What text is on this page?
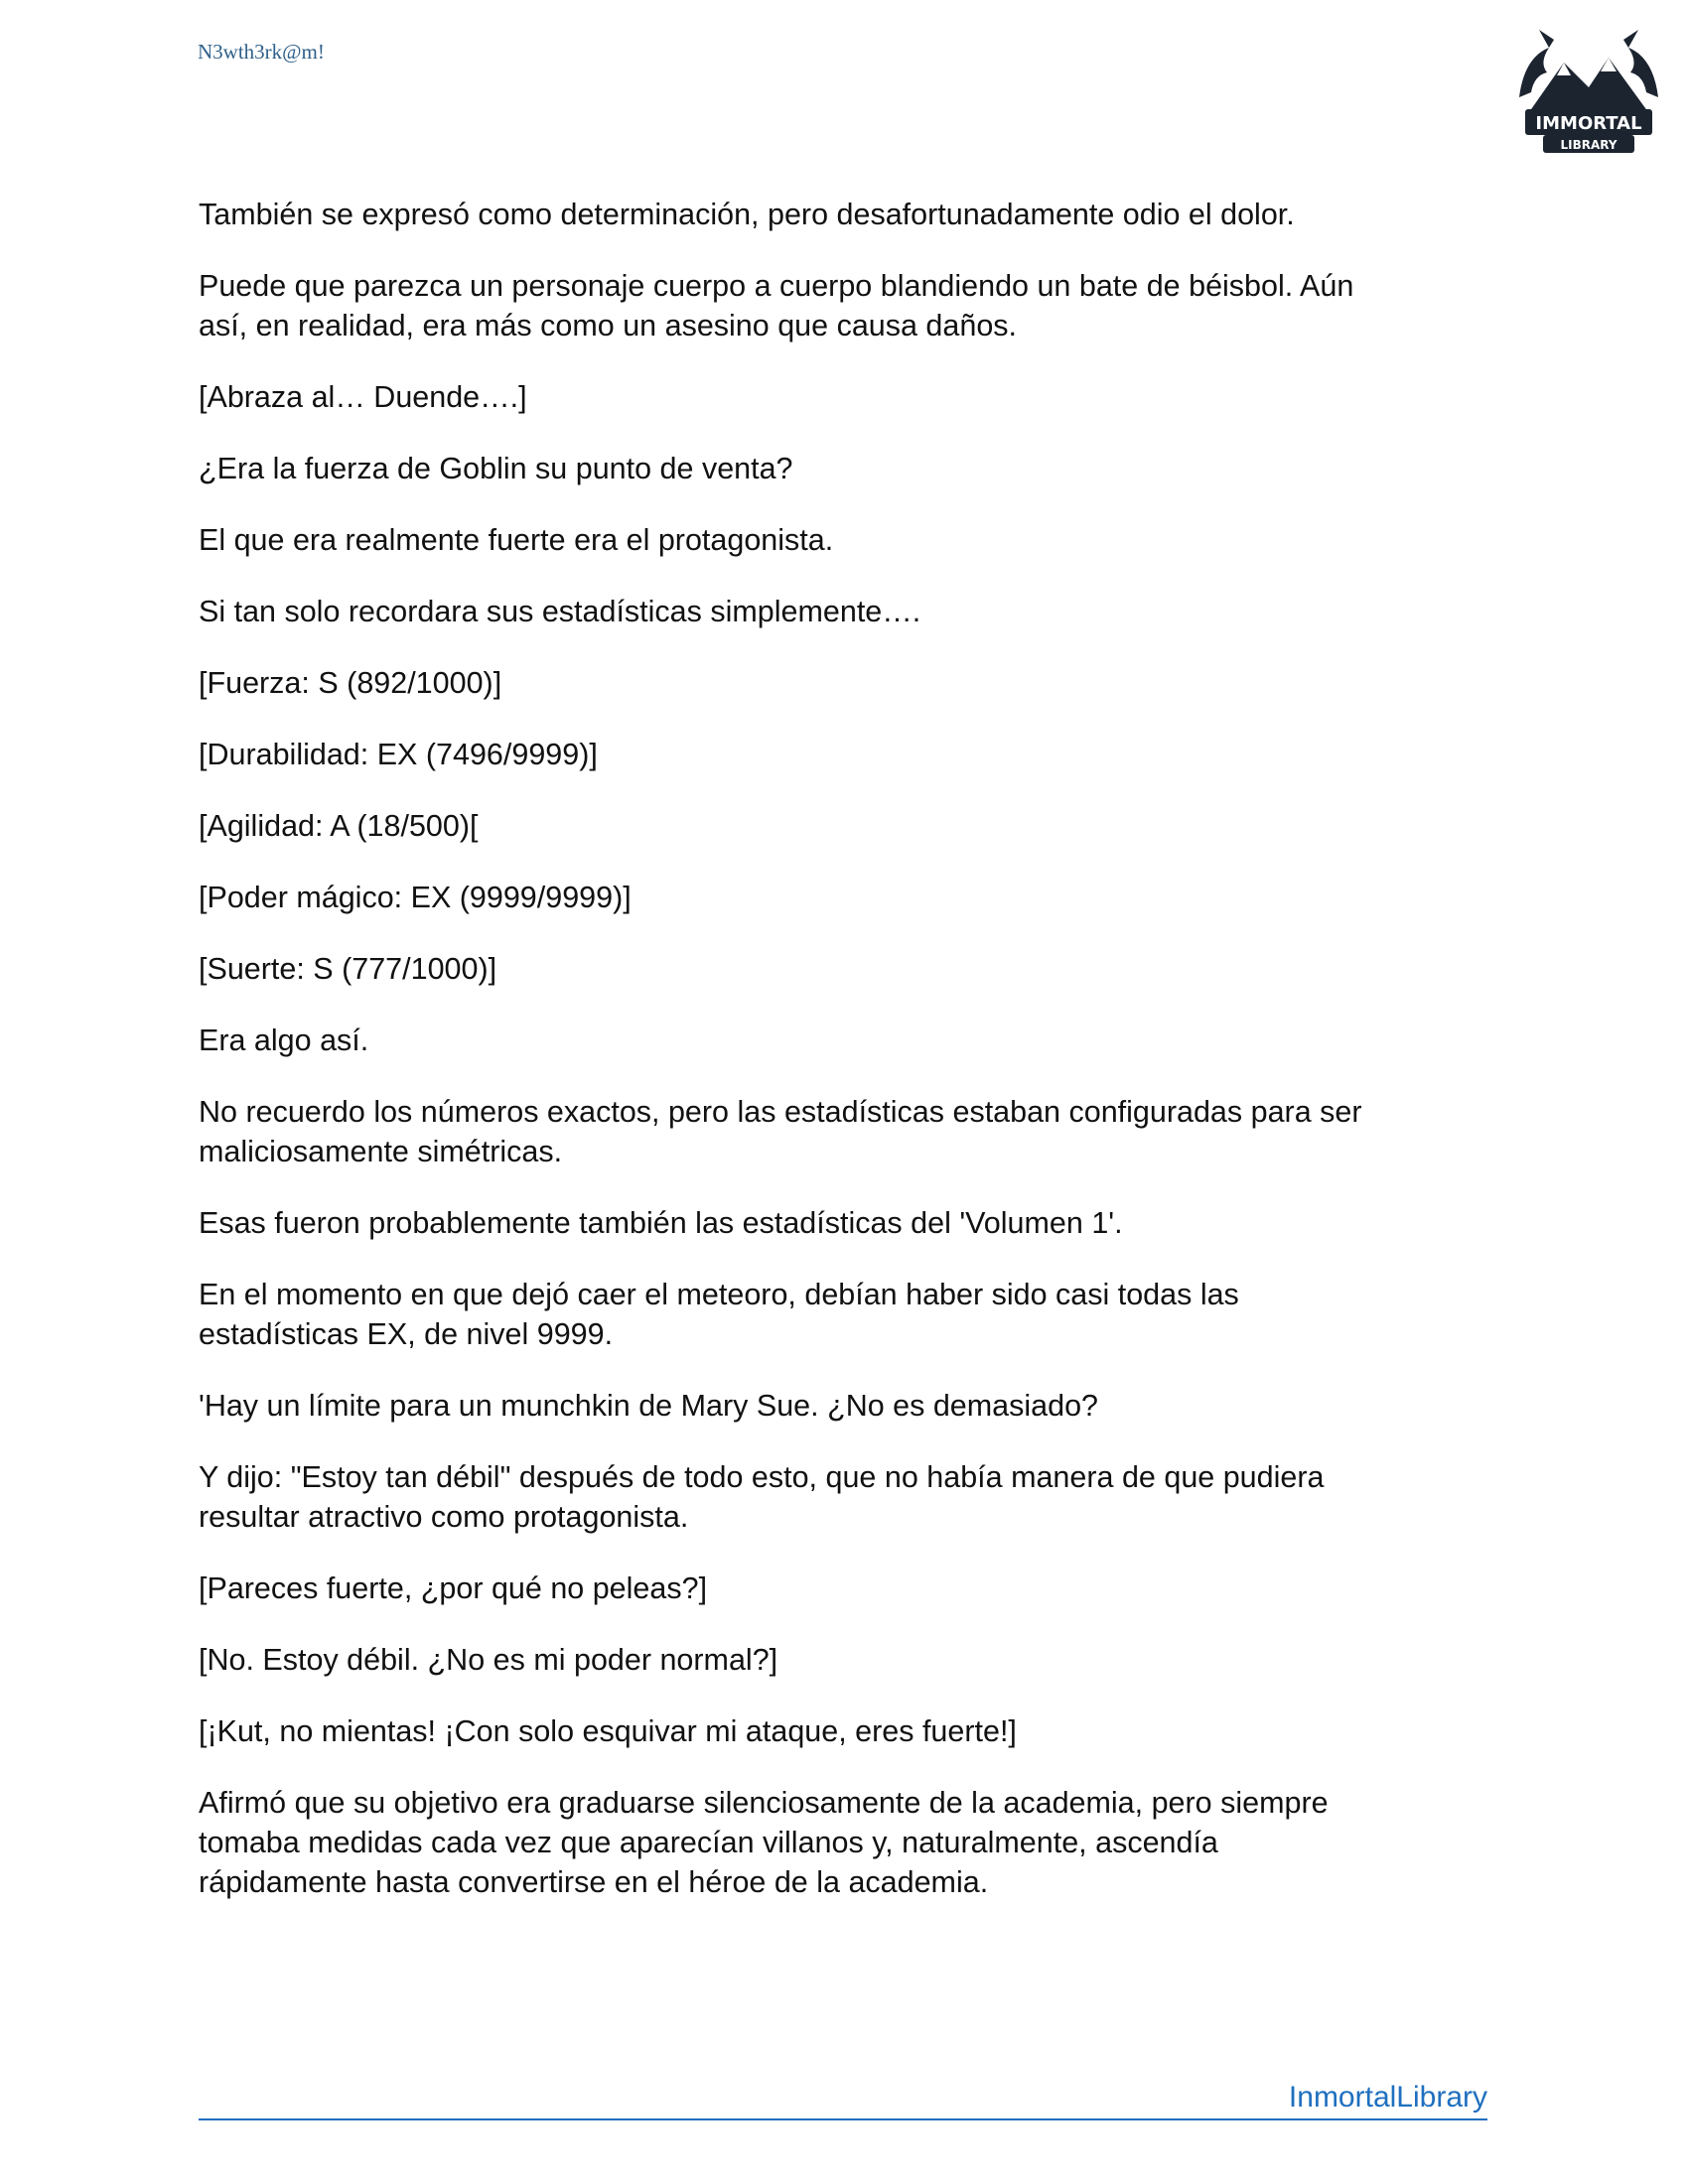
N3wth3rk@m!
IMMORTAL
LIBRARY

También se expresó como determinación, pero desafortunadamente odio el dolor.

Puede que parezca un personaje cuerpo a cuerpo blandiendo un bate de béisbol. Aún
así, en realidad, era más como un asesino que causa daños.

[Abraza al… Duende….]

¿Era la fuerza de Goblin su punto de venta?

El que era realmente fuerte era el protagonista.

Si tan solo recordara sus estadísticas simplemente….

[Fuerza: S (892/1000)]

[Durabilidad: EX (7496/9999)]

[Agilidad: A (18/500)[

[Poder mágico: EX (9999/9999)]

[Suerte: S (777/1000)]

Era algo así.

No recuerdo los números exactos, pero las estadísticas estaban configuradas para ser
maliciosamente simétricas.

Esas fueron probablemente también las estadísticas del 'Volumen 1'.

En el momento en que dejó caer el meteoro, debían haber sido casi todas las
estadísticas EX, de nivel 9999.

'Hay un límite para un munchkin de Mary Sue. ¿No es demasiado?

Y dijo: "Estoy tan débil" después de todo esto, que no había manera de que pudiera
resultar atractivo como protagonista.

[Pareces fuerte, ¿por qué no peleas?]

[No. Estoy débil. ¿No es mi poder normal?]

[¡Kut, no mientas! ¡Con solo esquivar mi ataque, eres fuerte!]

Afirmó que su objetivo era graduarse silenciosamente de la academia, pero siempre
tomaba medidas cada vez que aparecían villanos y, naturalmente, ascendía
rápidamente hasta convertirse en el héroe de la academia.

InmortalLibrary
